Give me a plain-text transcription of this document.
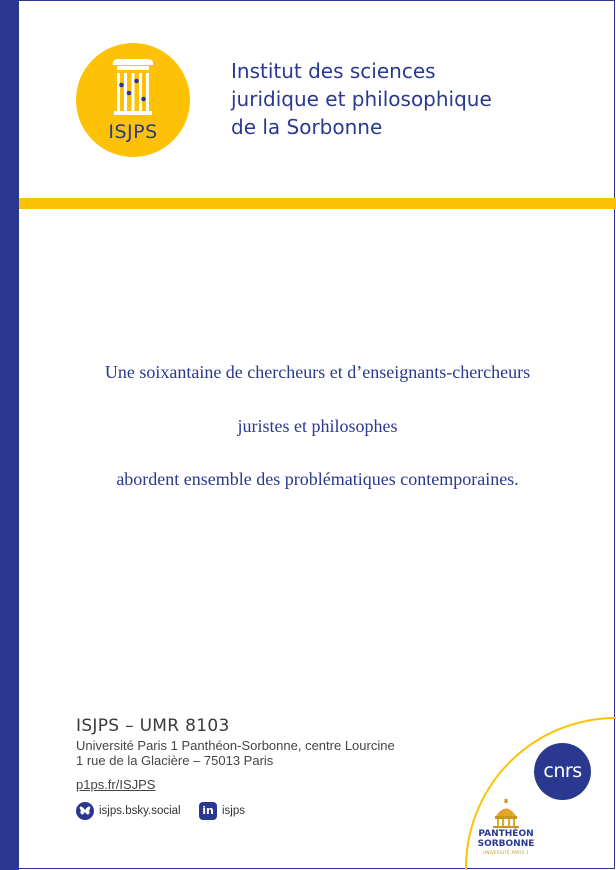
ISJPS
Institut des sciences
juridique et philosophique
de la Sorbonne
Une soixantaine de chercheurs et d’enseignants-chercheurs
juristes et philosophes
abordent ensemble des problématiques contemporaines.
ISJPS – UMR 8103
Université Paris 1 Panthéon-Sorbonne, centre Lourcine
1 rue de la Glacière – 75013 Paris
p1ps.fr/ISJPS
isjps.bsky.social in isjps
cnrs
PANTHÉON
SORBONNE
UNIVERSITÉ PARIS 1
